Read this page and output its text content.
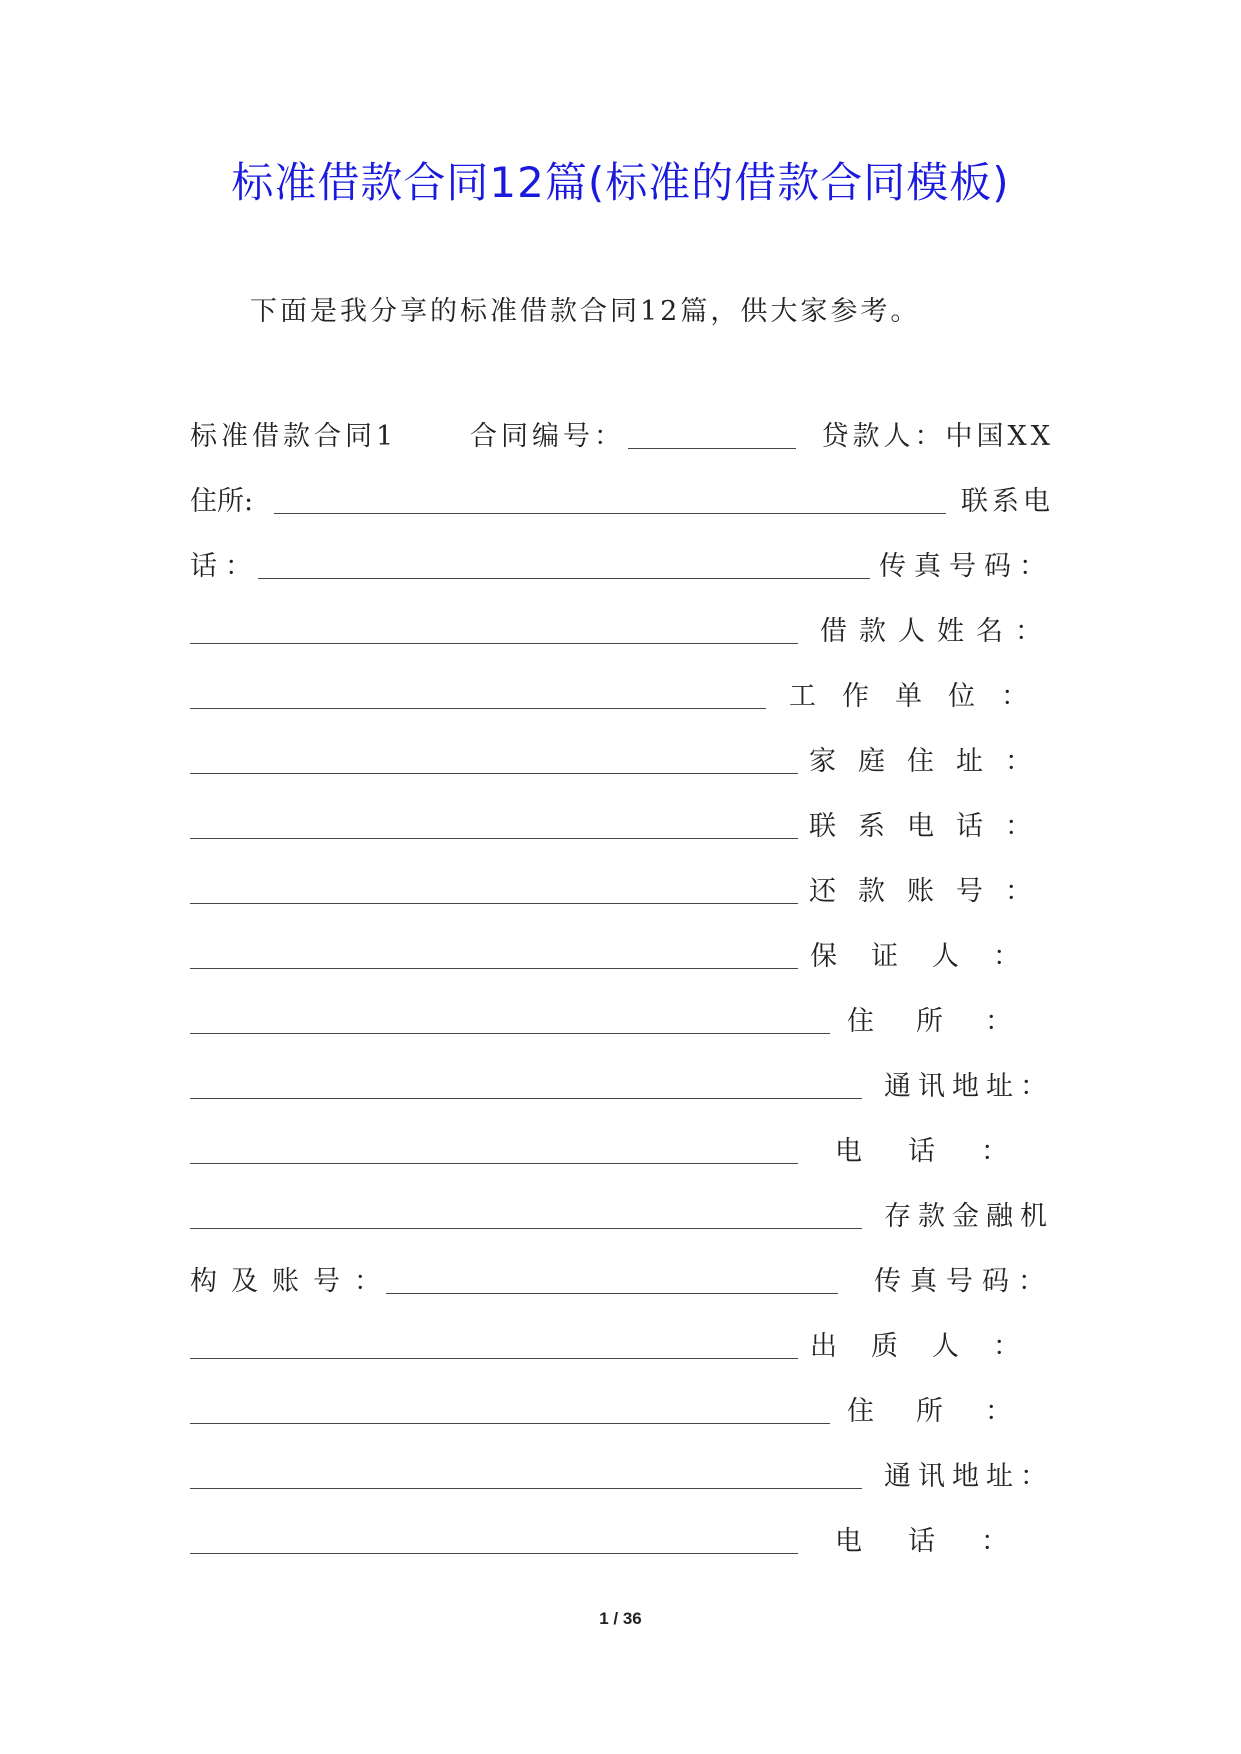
标准借款合同12篇(标准的借款合同模板)
下面是我分享的标准借款合同12篇，供大家参考。
标准借款合同1	合同编号：	贷款人：中国XX
住所:	联系电
话：	传真号码：
借款人姓名：
工作单位：
家庭住址：
联系电话：
还款账号：
保证人：
住所：
通讯地址：
电话：
存款金融机
构及账号：	传真号码：
出质人：
住所：
通讯地址：
电话：
1 / 36
